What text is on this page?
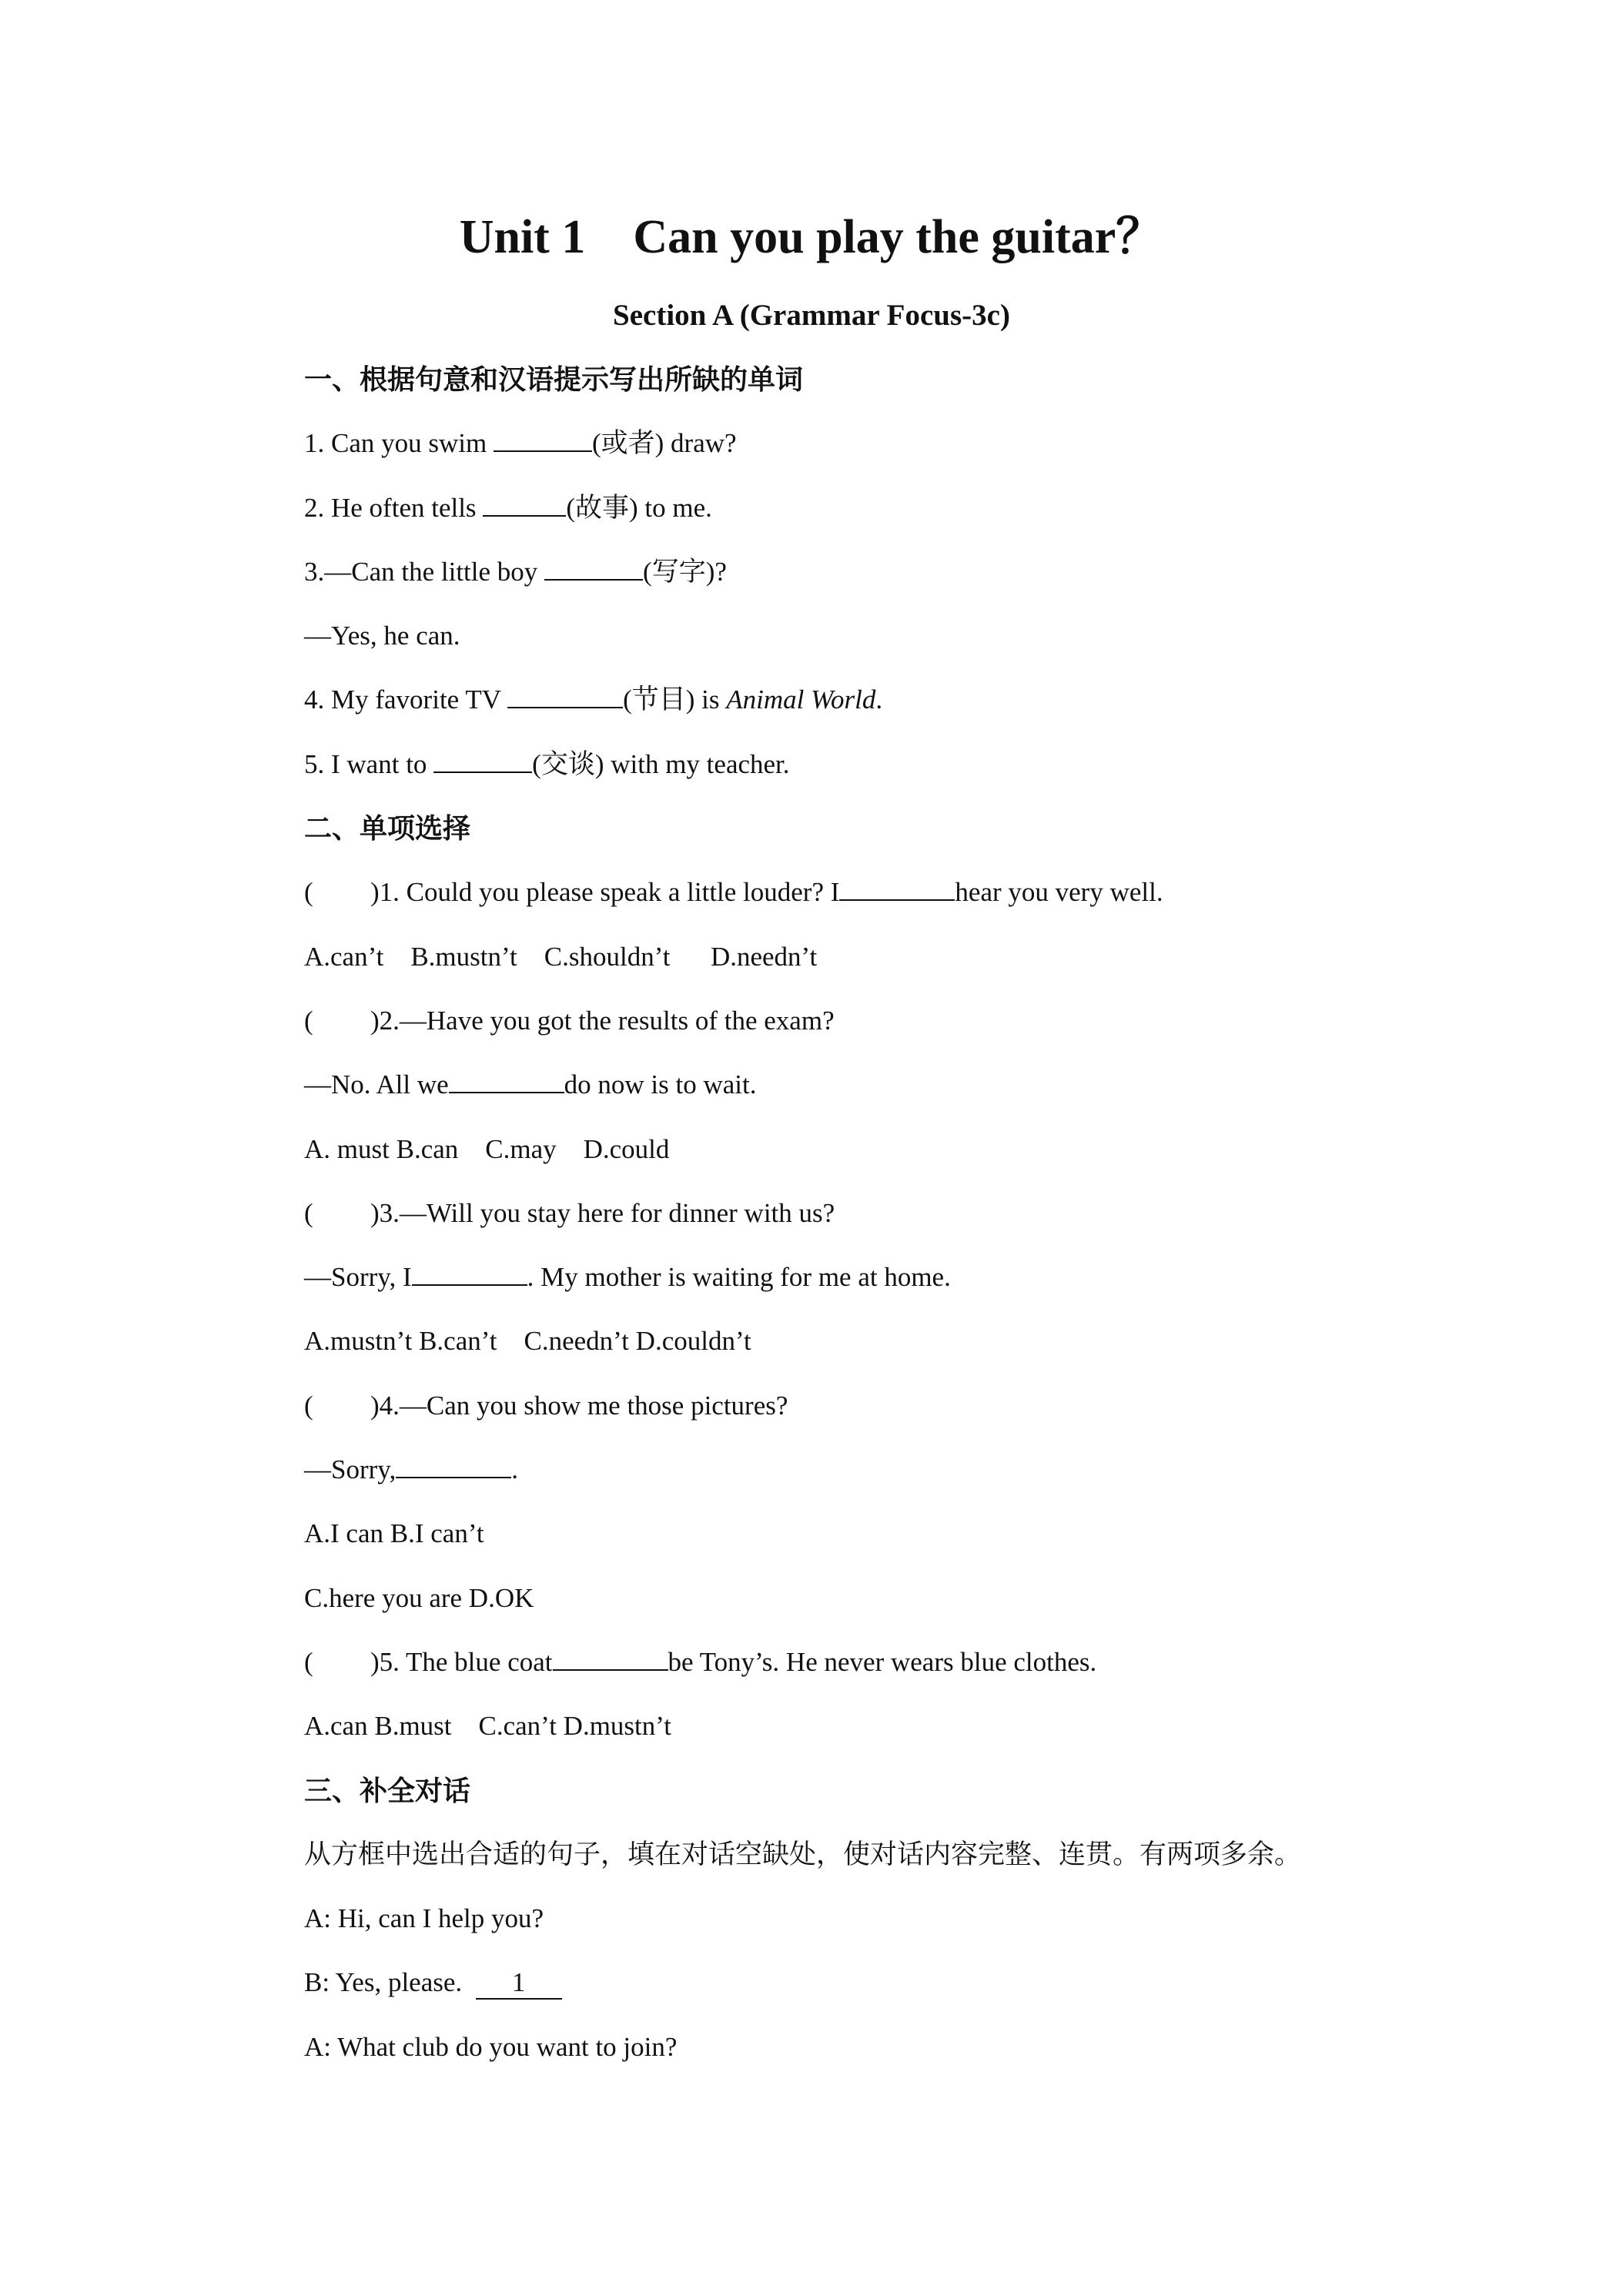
Unit 1    Can you play the guitar？
Section A (Grammar Focus-3c)
一、根据句意和汉语提示写出所缺的单词
1. Can you swim	(或者) draw?
2. He often tells	(故事) to me.
3.—Can the little boy	(写字)?
—Yes, he can.
4. My favorite TV	(节目) is Animal World.
5. I want to	(交谈) with my teacher.
二、单项选择
( )1. Could you please speak a little louder? I	hear you very well.
A.can’t    B.mustn’t    C.shouldn’t      D.needn’t
( )2.—Have you got the results of the exam?
—No. All we	do now is to wait.
A. must B.can    C.may    D.could
( )3.—Will you stay here for dinner with us?
—Sorry, I	. My mother is waiting for me at home.
A.mustn’t B.can’t    C.needn’t D.couldn’t
( )4.—Can you show me those pictures?
—Sorry,	.
A.I can B.I can’t
C.here you are D.OK
( )5. The blue coat	be Tony’s. He never wears blue clothes.
A.can B.must    C.can’t D.mustn’t
三、补全对话
从方框中选出合适的句子，填在对话空缺处，使对话内容完整、连贯。有两项多余。
A: Hi, can I help you?
B: Yes, please.  1
A: What club do you want to join?
